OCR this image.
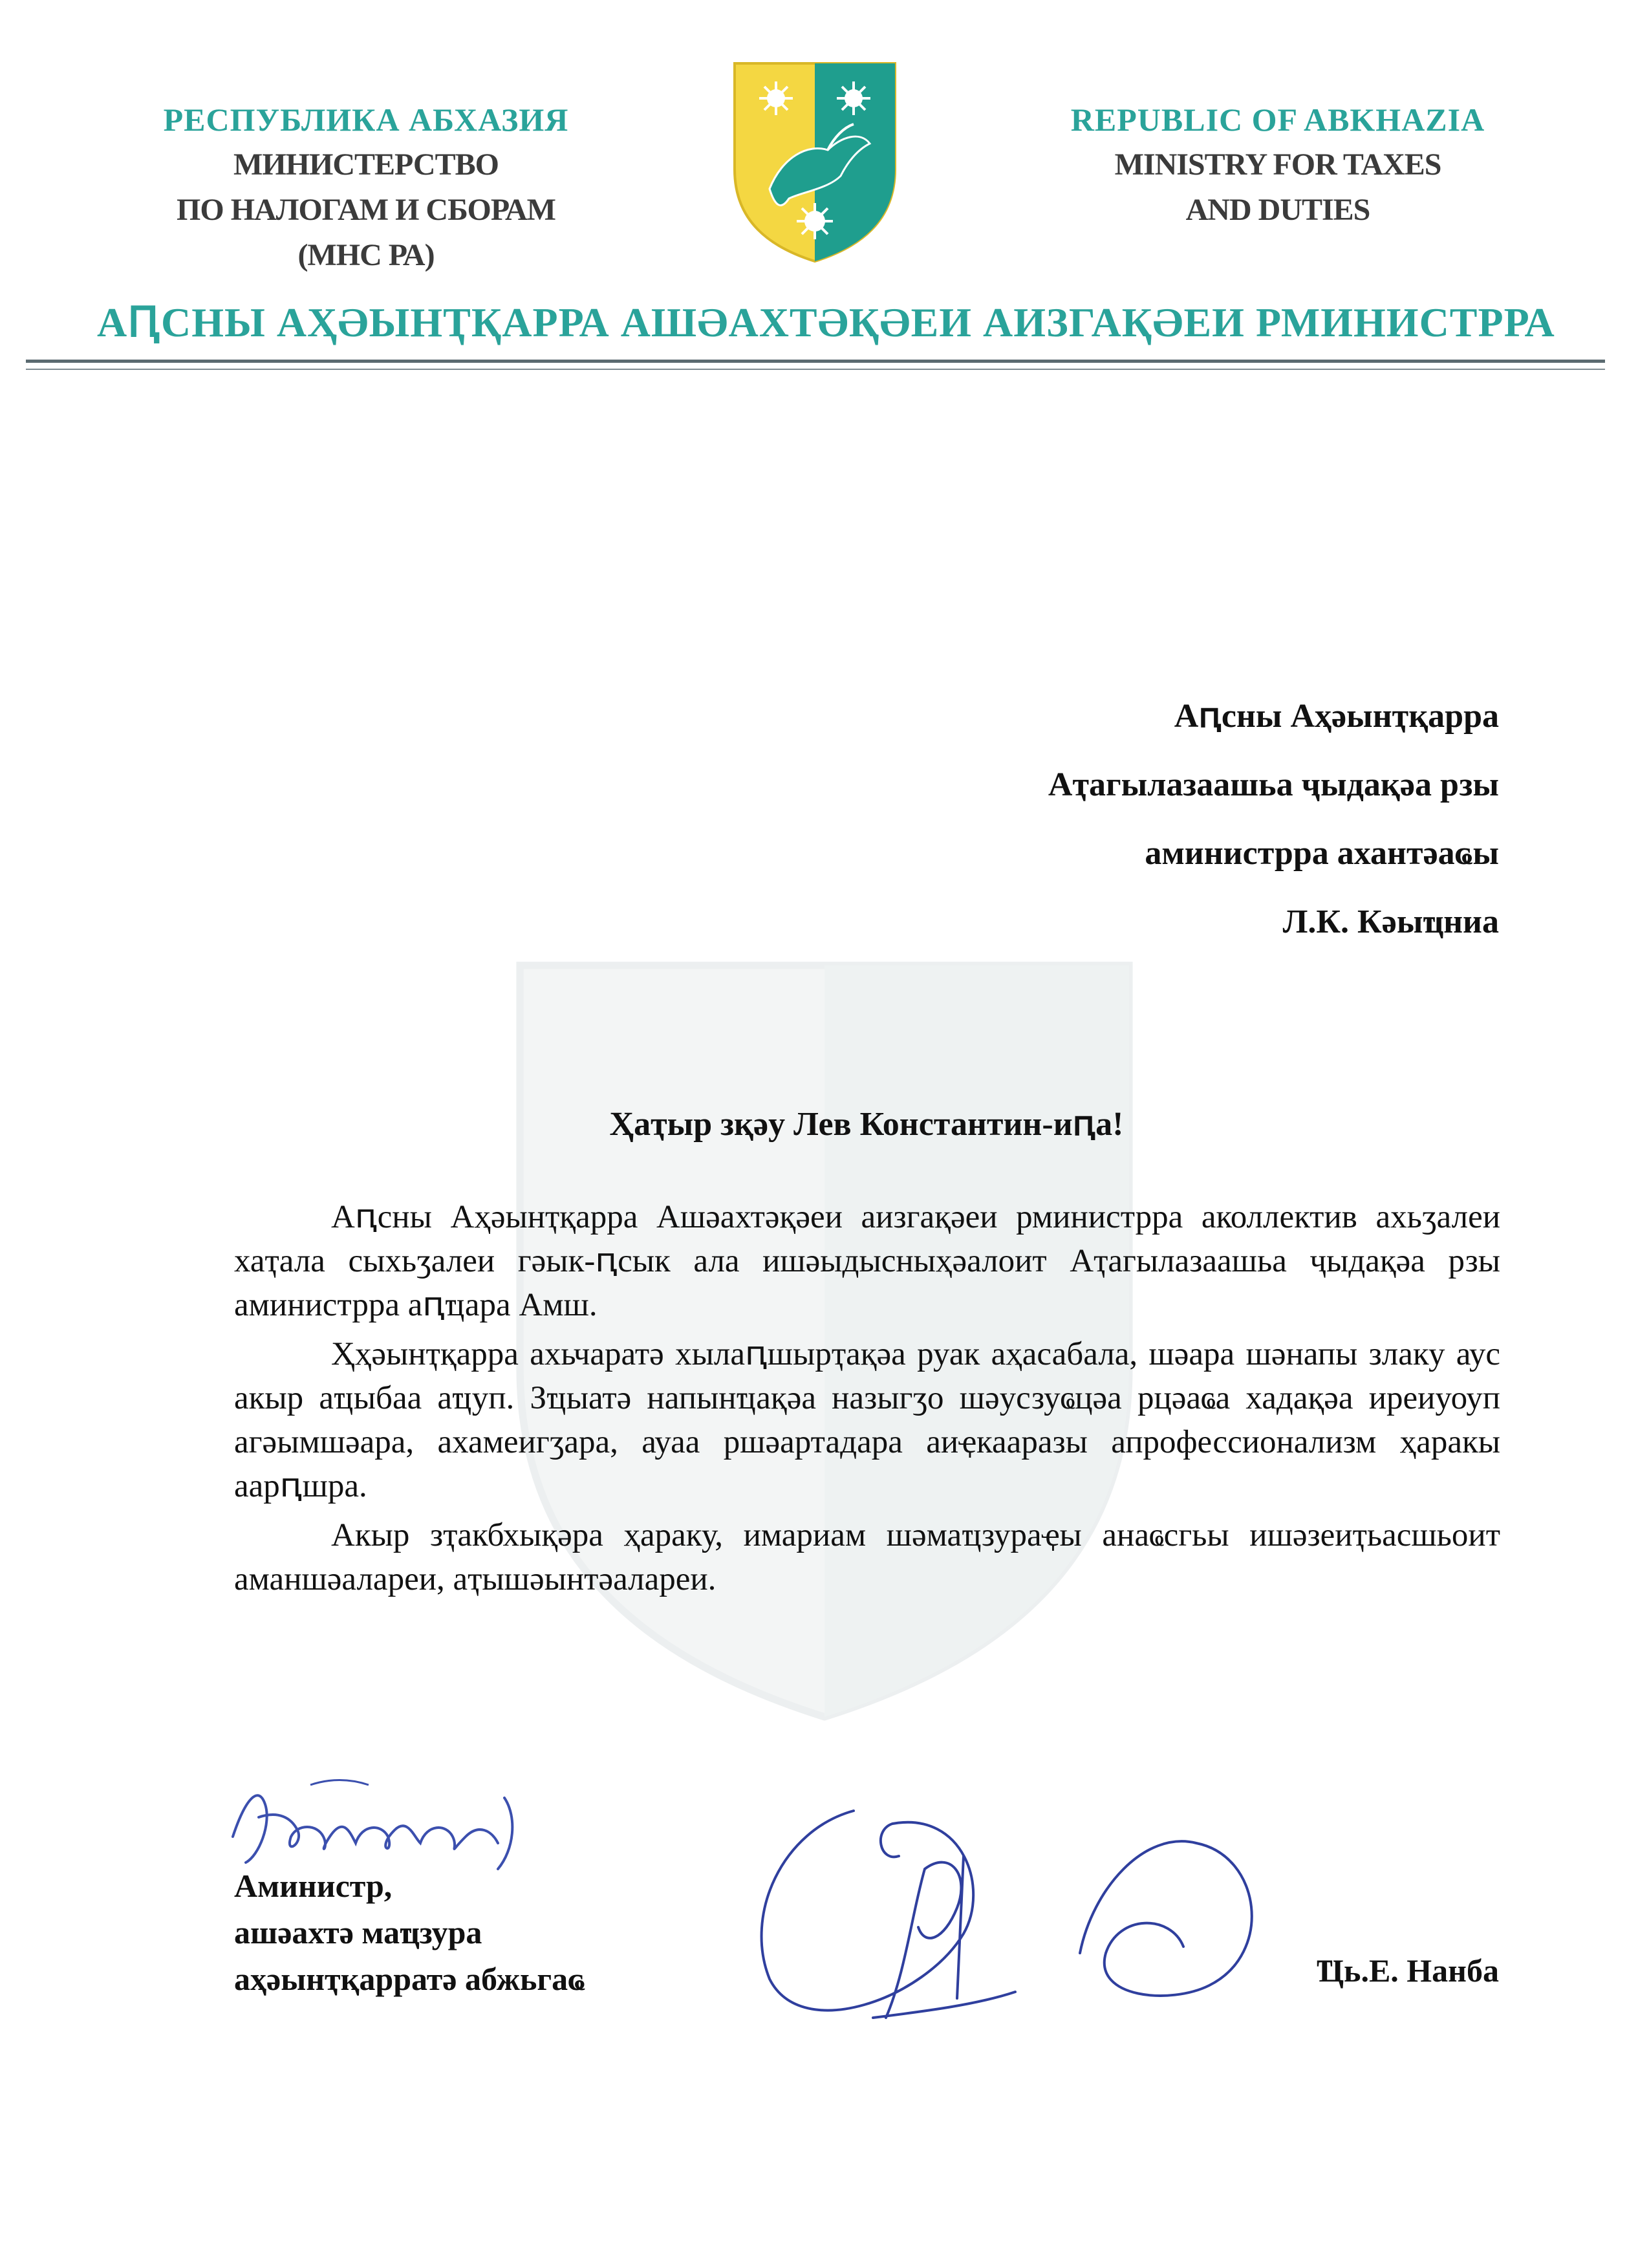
РЕСПУБЛИКА АБХАЗИЯ
МИНИСТЕРСТВО
ПО НАЛОГАМ И СБОРАМ
(МНС РА)
REPUBLIC OF ABKHAZIA
MINISTRY FOR TAXES
AND DUTIES
АԤСНЫ АҲӘЫНҬҚАРРА АШӘАХТӘҚӘЕИ АИЗГАҚӘЕИ РМИНИСТРРА
Аԥсны Аҳәынҭқарра
Аҭагылазаашьа ҷыдақәа рзы
аминистрра ахантәаҩы
Л.К. Кәыҵниа
Ҳаҭыр зқәу Лев Константин-иԥа!

Аԥсны Аҳәынҭқарра Ашәахтәқәеи аизгақәеи рминистрра аколлектив ахьӡалеи хаҭала сыхьӡалеи гәык-ԥсык ала ишәыдысныҳәалоит Аҭагылазаашьа ҷыдақәа рзы аминистрра аԥҵара Амш.

Ҳҳәынҭқарра ахьчаратә хылаԥшырҭақәа руак аҳасабала, шәара шәнапы злаку аус акыр аҵыбаа аҵуп. Зҵыатә напынҵақәа назыгӡо шәусзуҩцәа рцәаҩа хадақәа иреиуоуп агәымшәара, ахамеигӡара, ауаа ршәартадара аиҿкааразы апрофессионализм ҳаракы аарԥшра.

Акыр зҭакбхықәра ҳараку, имариам шәмаҵзураҿы анаҩсгьы ишәзеиҭьасшьоит аманшәалареи, аҭышәынтәалареи.

Аминистр,
ашәахтә маҵзура
аҳәынҭқарратә абжьгаҩ	Ҵь.Е. Нанба
